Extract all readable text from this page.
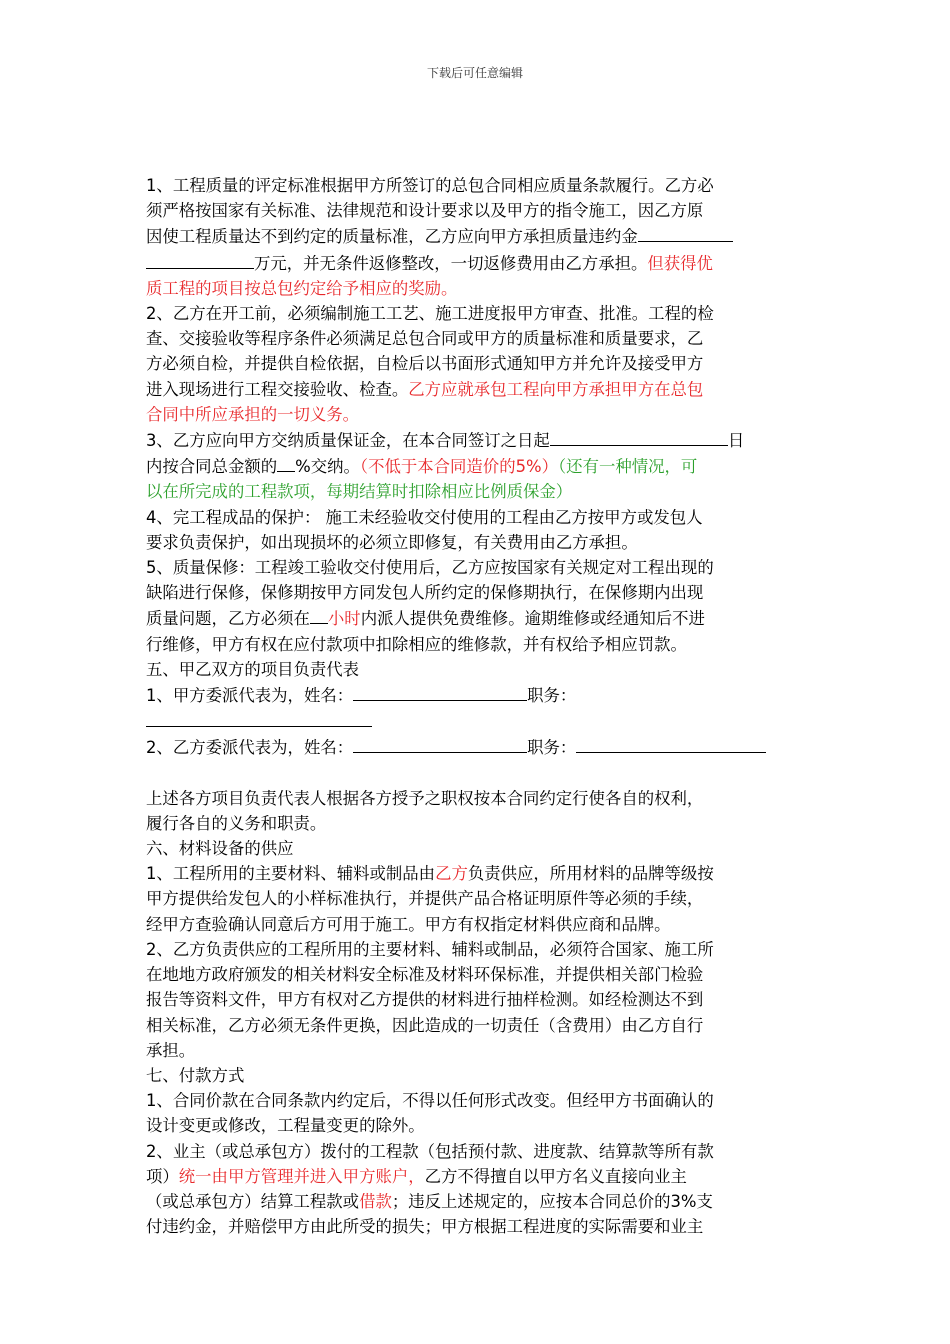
下载后可任意编辑
1、工程质量的评定标准根据甲方所签订的总包合同相应质量条款履行。乙方必
须严格按国家有关标准、法律规范和设计要求以及甲方的指令施工，因乙方原
因使工程质量达不到约定的质量标准，乙方应向甲方承担质量违约金
万元，并无条件返修整改，一切返修费用由乙方承担。但获得优
质工程的项目按总包约定给予相应的奖励。
2、乙方在开工前，必须编制施工工艺、施工进度报甲方审查、批准。工程的检
查、交接验收等程序条件必须满足总包合同或甲方的质量标准和质量要求，乙
方必须自检，并提供自检依据，自检后以书面形式通知甲方并允许及接受甲方
进入现场进行工程交接验收、检查。乙方应就承包工程向甲方承担甲方在总包
合同中所应承担的一切义务。
3、乙方应向甲方交纳质量保证金，在本合同签订之日起	日
内按合同总金额的 %交纳。（不低于本合同造价的5%）（还有一种情况，可
以在所完成的工程款项，每期结算时扣除相应比例质保金）
4、完工程成品的保护： 施工未经验收交付使用的工程由乙方按甲方或发包人
要求负责保护，如出现损坏的必须立即修复，有关费用由乙方承担。
5、质量保修：工程竣工验收交付使用后，乙方应按国家有关规定对工程出现的
缺陷进行保修，保修期按甲方同发包人所约定的保修期执行，在保修期内出现
质量问题，乙方必须在 小时内派人提供免费维修。逾期维修或经通知后不进
行维修，甲方有权在应付款项中扣除相应的维修款，并有权给予相应罚款。
五、甲乙双方的项目负责代表
1、甲方委派代表为，姓名：	职务：
2、乙方委派代表为，姓名：	职务：
上述各方项目负责代表人根据各方授予之职权按本合同约定行使各自的权利，
履行各自的义务和职责。
六、材料设备的供应
1、工程所用的主要材料、辅料或制品由乙方负责供应，所用材料的品牌等级按
甲方提供给发包人的小样标准执行，并提供产品合格证明原件等必须的手续，
经甲方查验确认同意后方可用于施工。甲方有权指定材料供应商和品牌。
2、乙方负责供应的工程所用的主要材料、辅料或制品，必须符合国家、施工所
在地地方政府颁发的相关材料安全标准及材料环保标准，并提供相关部门检验
报告等资料文件，甲方有权对乙方提供的材料进行抽样检测。如经检测达不到
相关标准，乙方必须无条件更换，因此造成的一切责任（含费用）由乙方自行
承担。
七、付款方式
1、合同价款在合同条款内约定后，不得以任何形式改变。但经甲方书面确认的
设计变更或修改，工程量变更的除外。
2、业主（或总承包方）拨付的工程款（包括预付款、进度款、结算款等所有款
项）统一由甲方管理并进入甲方账户，乙方不得擅自以甲方名义直接向业主
（或总承包方）结算工程款或借款；违反上述规定的，应按本合同总价的3%支
付违约金，并赔偿甲方由此所受的损失；甲方根据工程进度的实际需要和业主
